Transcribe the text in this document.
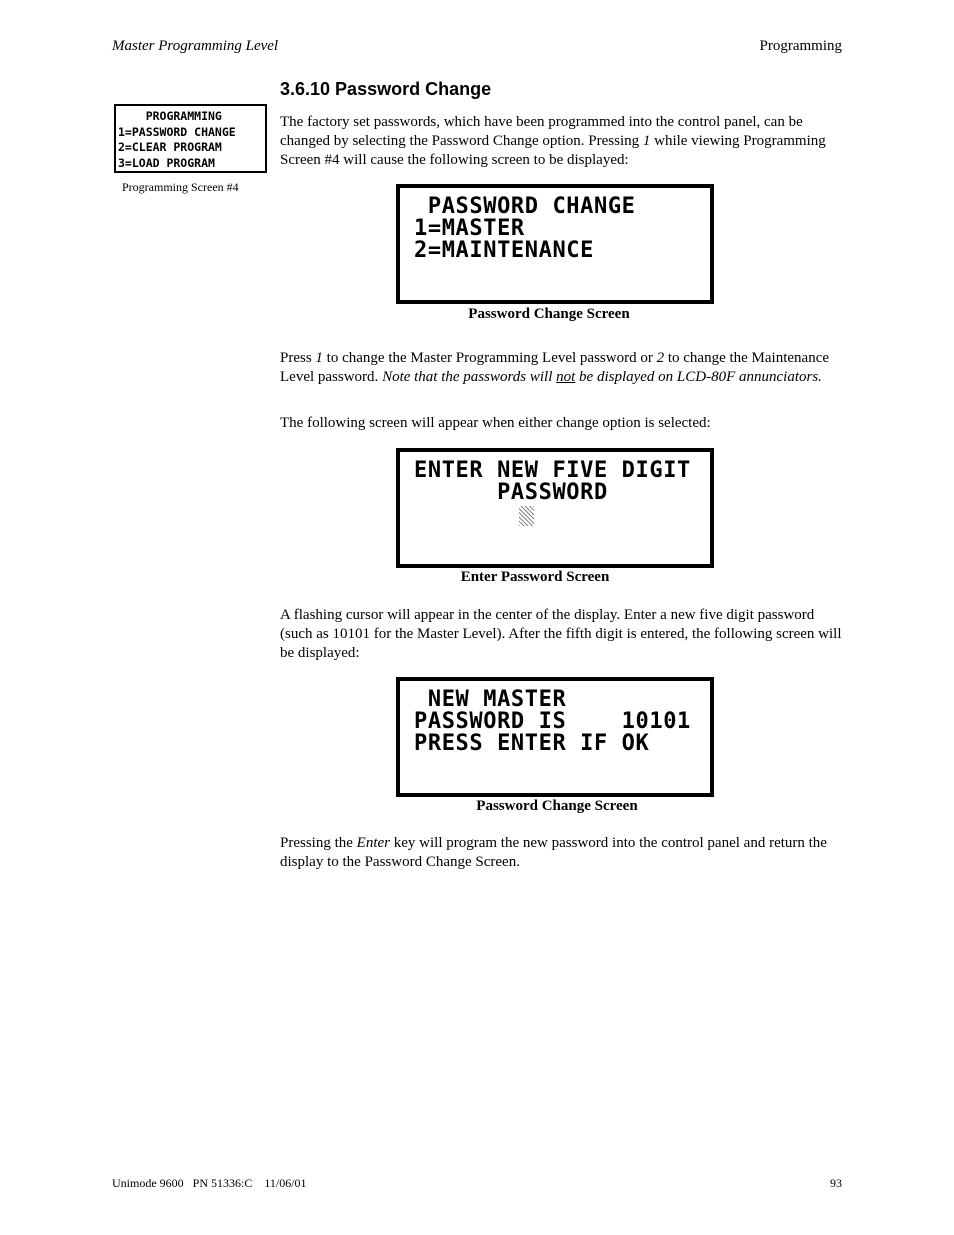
Master Programming Level	Programming
3.6.10 Password Change
PROGRAMMING
1=PASSWORD CHANGE
2=CLEAR PROGRAM
3=LOAD PROGRAM
Programming Screen #4
The factory set passwords, which have been programmed into the control panel, can be changed by selecting the Password Change option. Pressing 1 while viewing Programming Screen #4 will cause the following screen to be displayed:
PASSWORD CHANGE
1=MASTER
2=MAINTENANCE
Password Change Screen
Press 1 to change the Master Programming Level password or 2 to change the Maintenance Level password. Note that the passwords will not be displayed on LCD-80F annunciators.
The following screen will appear when either change option is selected:
ENTER NEW FIVE DIGIT
PASSWORD
Enter Password Screen
A flashing cursor will appear in the center of the display. Enter a new five digit password (such as 10101 for the Master Level). After the fifth digit is entered, the following screen will be displayed:
NEW MASTER
PASSWORD IS    10101
PRESS ENTER IF OK
Password Change Screen
Pressing the Enter key will program the new password into the control panel and return the display to the Password Change Screen.
Unimode 9600   PN 51336:C    11/06/01	93
